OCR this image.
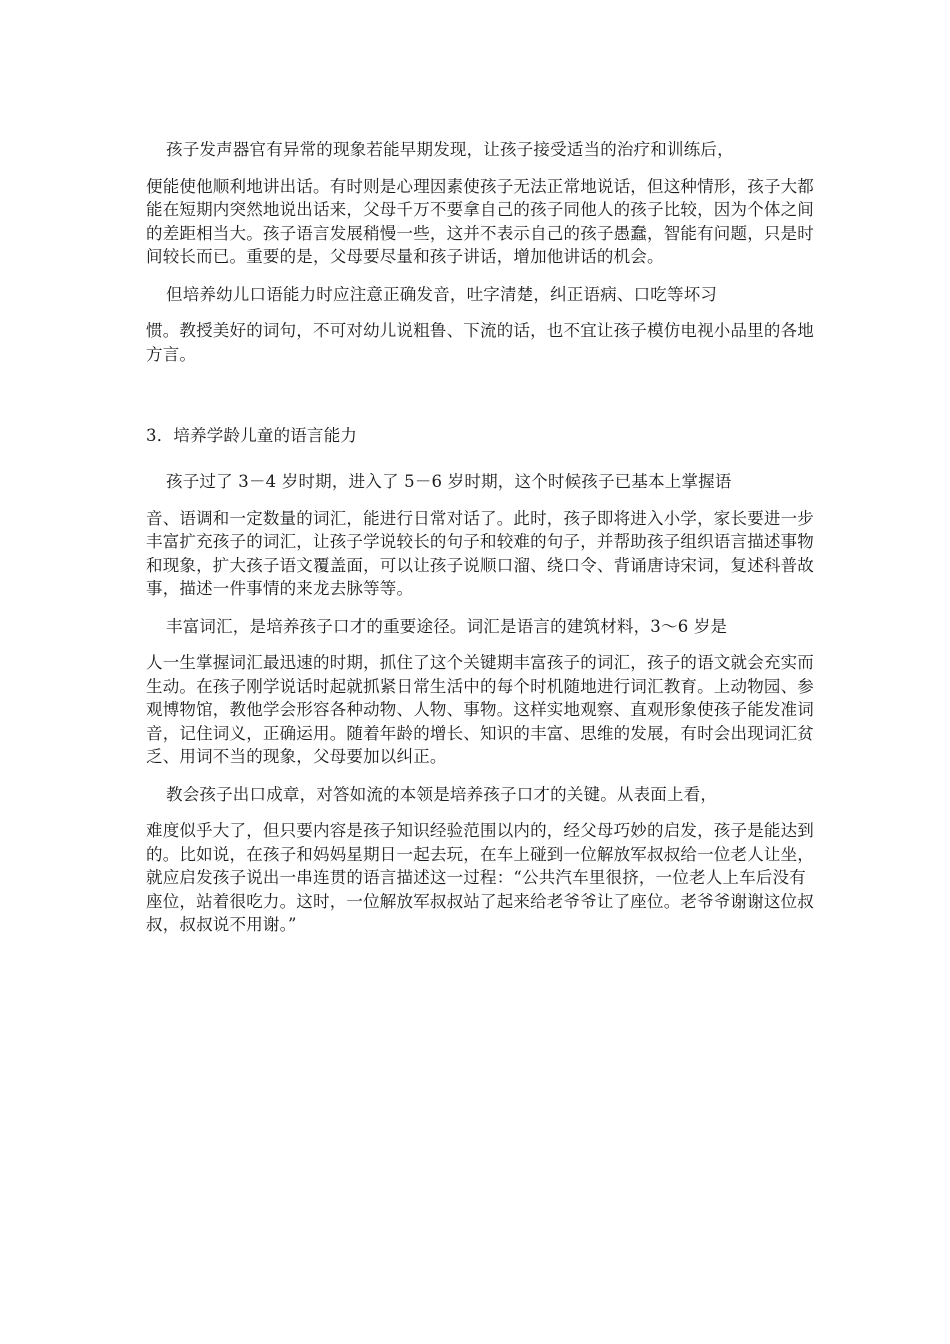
孩子发声器官有异常的现象若能早期发现，让孩子接受适当的治疗和训练后，
便能使他顺利地讲出话。有时则是心理因素使孩子无法正常地说话，但这种情形，孩子大都能在短期内突然地说出话来，父母千万不要拿自己的孩子同他人的孩子比较，因为个体之间的差距相当大。孩子语言发展稍慢一些，这并不表示自己的孩子愚蠢，智能有问题，只是时间较长而已。重要的是，父母要尽量和孩子讲话，增加他讲话的机会。
但培养幼儿口语能力时应注意正确发音，吐字清楚，纠正语病、口吃等坏习
惯。教授美好的词句，不可对幼儿说粗鲁、下流的话，也不宜让孩子模仿电视小品里的各地方言。
3．培养学龄儿童的语言能力
孩子过了 3－4 岁时期，进入了 5－6 岁时期，这个时候孩子已基本上掌握语
音、语调和一定数量的词汇，能进行日常对话了。此时，孩子即将进入小学，家长要进一步丰富扩充孩子的词汇，让孩子学说较长的句子和较难的句子，并帮助孩子组织语言描述事物和现象，扩大孩子语文覆盖面，可以让孩子说顺口溜、绕口令、背诵唐诗宋词，复述科普故事，描述一件事情的来龙去脉等等。
丰富词汇，是培养孩子口才的重要途径。词汇是语言的建筑材料，3～6 岁是
人一生掌握词汇最迅速的时期，抓住了这个关键期丰富孩子的词汇，孩子的语文就会充实而生动。在孩子刚学说话时起就抓紧日常生活中的每个时机随地进行词汇教育。上动物园、参观博物馆，教他学会形容各种动物、人物、事物。这样实地观察、直观形象使孩子能发准词音，记住词义，正确运用。随着年龄的增长、知识的丰富、思维的发展，有时会出现词汇贫乏、用词不当的现象，父母要加以纠正。
教会孩子出口成章，对答如流的本领是培养孩子口才的关键。从表面上看，
难度似乎大了，但只要内容是孩子知识经验范围以内的，经父母巧妙的启发，孩子是能达到的。比如说，在孩子和妈妈星期日一起去玩，在车上碰到一位解放军叔叔给一位老人让坐，就应启发孩子说出一串连贯的语言描述这一过程：“公共汽车里很挤，一位老人上车后没有座位，站着很吃力。这时，一位解放军叔叔站了起来给老爷爷让了座位。老爷爷谢谢这位叔叔，叔叔说不用谢。”
